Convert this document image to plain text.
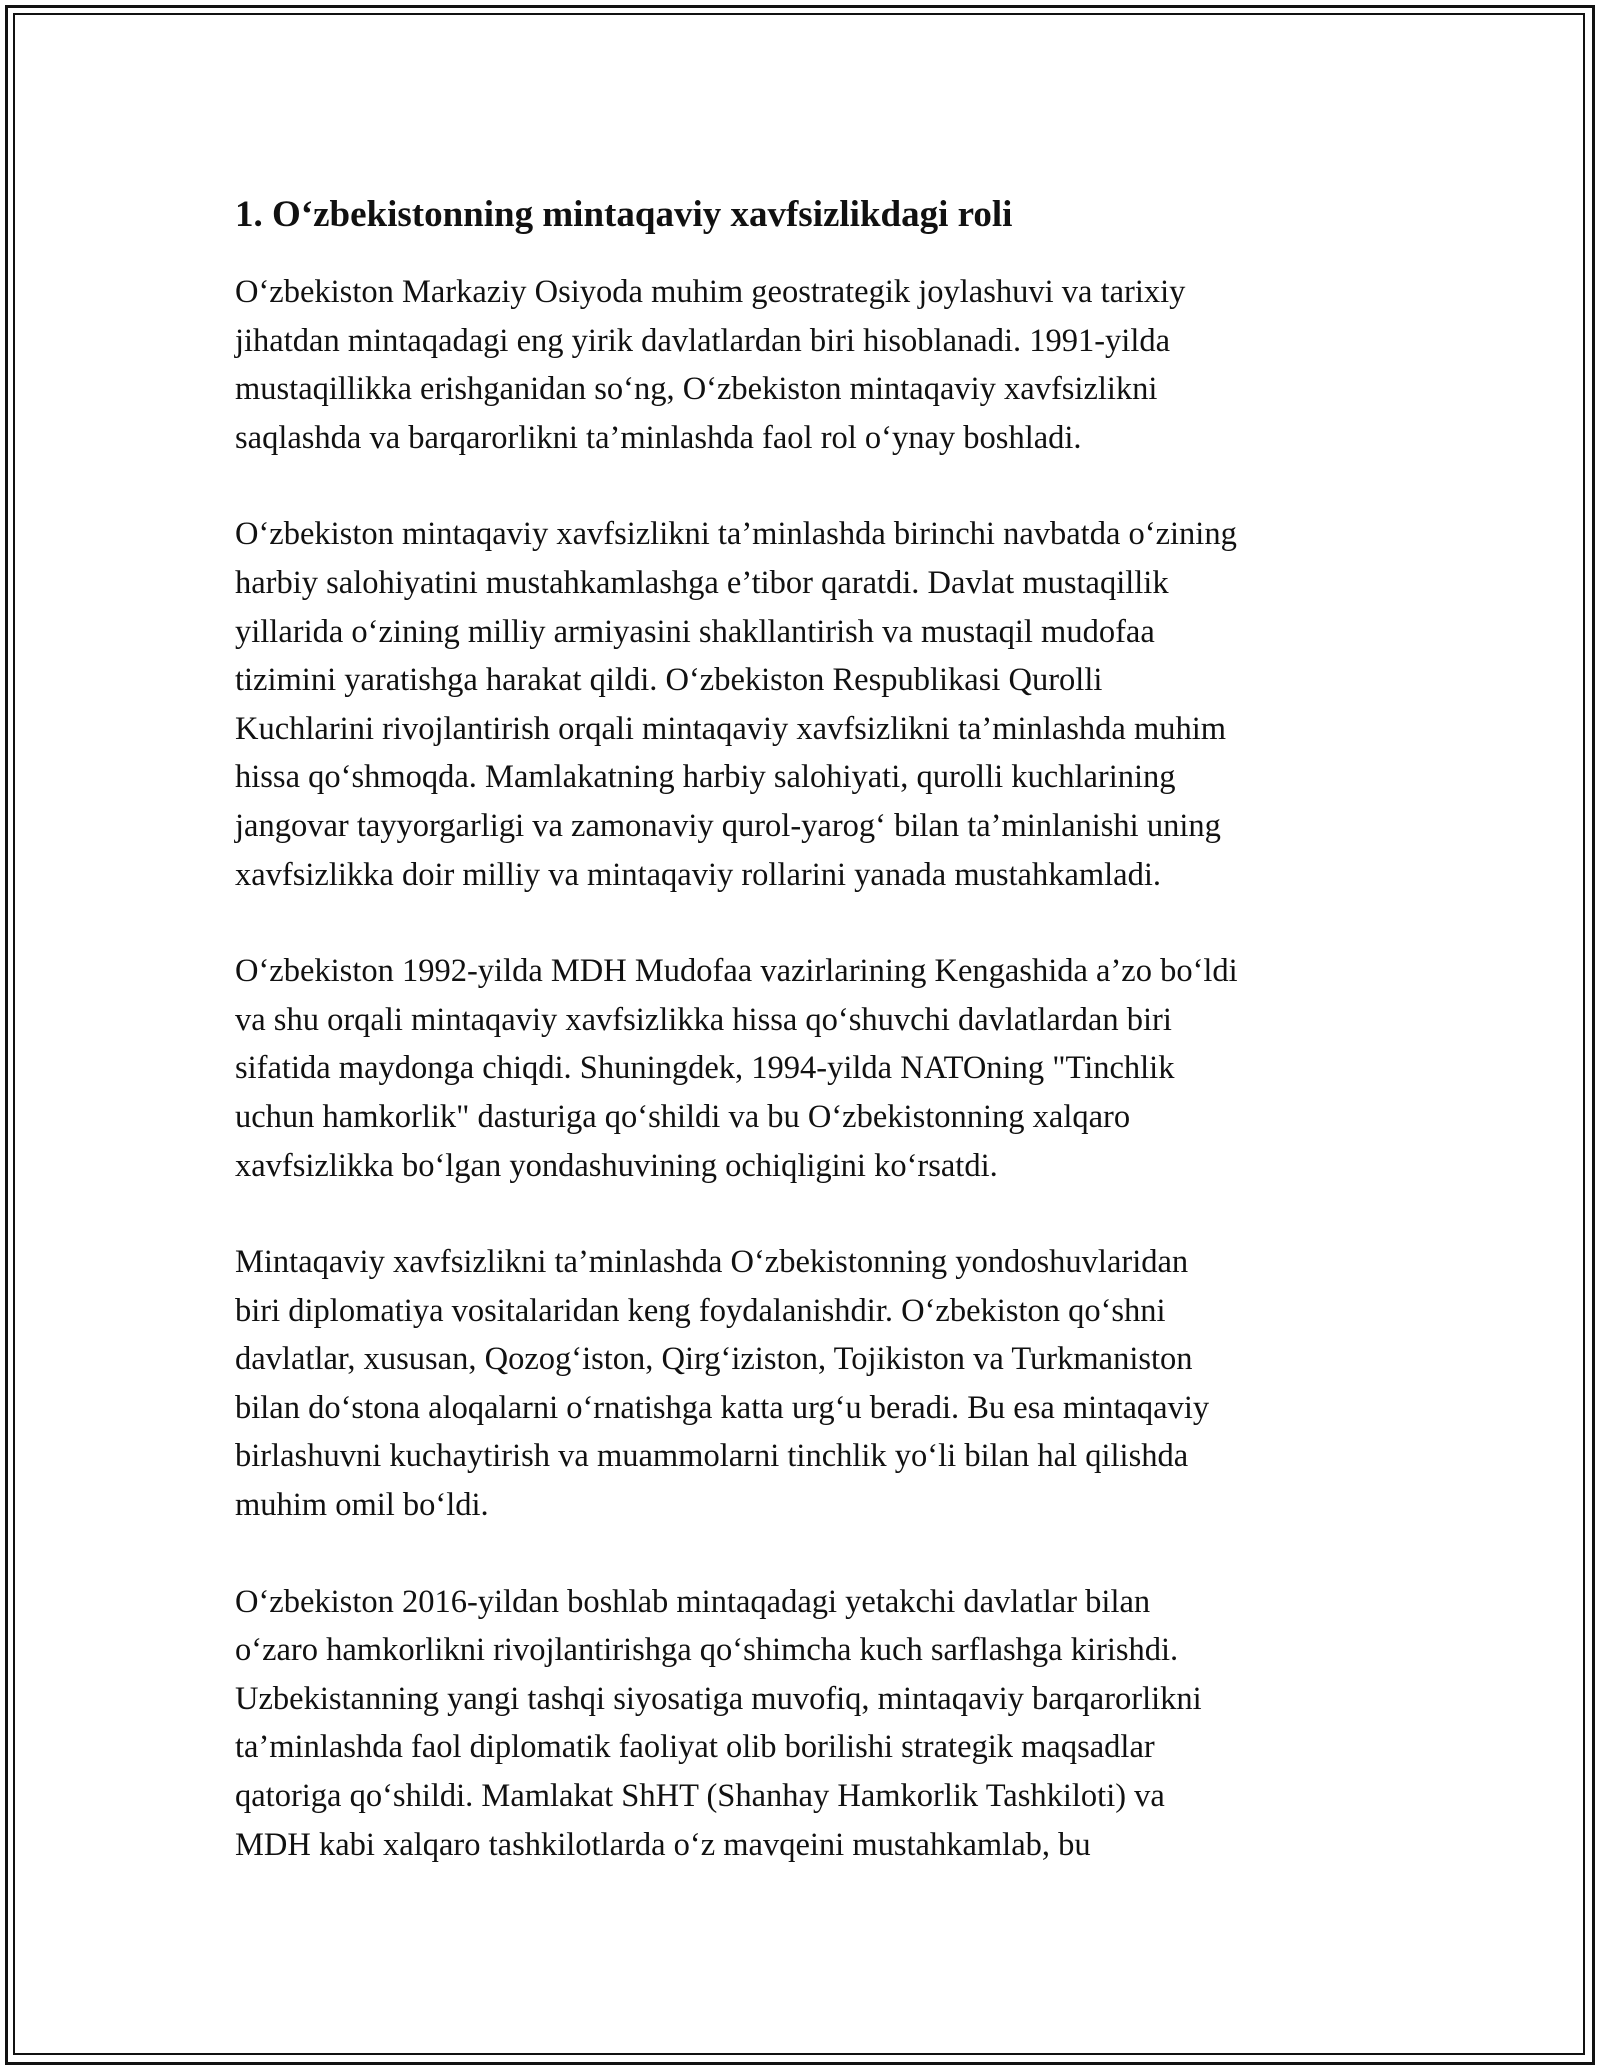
1. O‘zbekistonning mintaqaviy xavfsizlikdagi roli

O‘zbekiston Markaziy Osiyoda muhim geostrategik joylashuvi va tarixiy
jihatdan mintaqadagi eng yirik davlatlardan biri hisoblanadi. 1991-yilda
mustaqillikka erishganidan so‘ng, O‘zbekiston mintaqaviy xavfsizlikni
saqlashda va barqarorlikni ta’minlashda faol rol o‘ynay boshladi.

O‘zbekiston mintaqaviy xavfsizlikni ta’minlashda birinchi navbatda o‘zining
harbiy salohiyatini mustahkamlashga e’tibor qaratdi. Davlat mustaqillik
yillarida o‘zining milliy armiyasini shakllantirish va mustaqil mudofaa
tizimini yaratishga harakat qildi. O‘zbekiston Respublikasi Qurolli
Kuchlarini rivojlantirish orqali mintaqaviy xavfsizlikni ta’minlashda muhim
hissa qo‘shmoqda. Mamlakatning harbiy salohiyati, qurolli kuchlarining
jangovar tayyorgarligi va zamonaviy qurol-yarog‘ bilan ta’minlanishi uning
xavfsizlikka doir milliy va mintaqaviy rollarini yanada mustahkamladi.

O‘zbekiston 1992-yilda MDH Mudofaa vazirlarining Kengashida a’zo bo‘ldi
va shu orqali mintaqaviy xavfsizlikka hissa qo‘shuvchi davlatlardan biri
sifatida maydonga chiqdi. Shuningdek, 1994-yilda NATOning "Tinchlik
uchun hamkorlik" dasturiga qo‘shildi va bu O‘zbekistonning xalqaro
xavfsizlikka bo‘lgan yondashuvining ochiqligini ko‘rsatdi.

Mintaqaviy xavfsizlikni ta’minlashda O‘zbekistonning yondoshuvlaridan
biri diplomatiya vositalaridan keng foydalanishdir. O‘zbekiston qo‘shni
davlatlar, xususan, Qozog‘iston, Qirg‘iziston, Tojikiston va Turkmaniston
bilan do‘stona aloqalarni o‘rnatishga katta urg‘u beradi. Bu esa mintaqaviy
birlashuvni kuchaytirish va muammolarni tinchlik yo‘li bilan hal qilishda
muhim omil bo‘ldi.

O‘zbekiston 2016-yildan boshlab mintaqadagi yetakchi davlatlar bilan
o‘zaro hamkorlikni rivojlantirishga qo‘shimcha kuch sarflashga kirishdi.
Uzbekistanning yangi tashqi siyosatiga muvofiq, mintaqaviy barqarorlikni
ta’minlashda faol diplomatik faoliyat olib borilishi strategik maqsadlar
qatoriga qo‘shildi. Mamlakat ShHT (Shanhay Hamkorlik Tashkiloti) va
MDH kabi xalqaro tashkilotlarda o‘z mavqeini mustahkamlab, bu
